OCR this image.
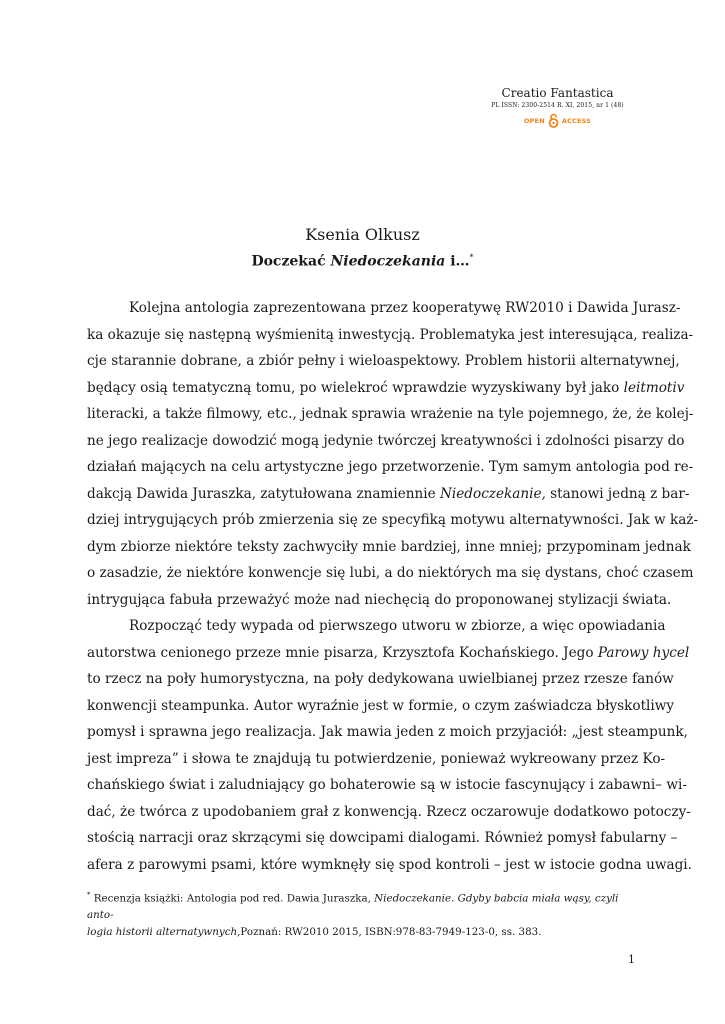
Creatio Fantastica
PL ISSN: 2300-2514 R. XI, 2015, nr 1 (48)
OPEN	ACCESS
Ksenia Olkusz
Doczekać Niedoczekania i…*
Kolejna antologia zaprezentowana przez kooperatywę RW2010 i Dawida Jurasz-
ka okazuje się następną wyśmienitą inwestycją. Problematyka jest interesująca, realiza-
cje starannie dobrane, a zbiór pełny i wieloaspektowy. Problem historii alternatywnej,
będący osią tematyczną tomu, po wielekroć wprawdzie wyzyskiwany był jako leitmotiv
literacki, a także filmowy, etc., jednak sprawia wrażenie na tyle pojemnego, że, że kolej-
ne jego realizacje dowodzić mogą jedynie twórczej kreatywności i zdolności pisarzy do
działań mających na celu artystyczne jego przetworzenie. Tym samym antologia pod re-
dakcją Dawida Juraszka, zatytułowana znamiennie Niedoczekanie, stanowi jedną z bar-
dziej intrygujących prób zmierzenia się ze specyfiką motywu alternatywności. Jak w każ-
dym zbiorze niektóre teksty zachwyciły mnie bardziej, inne mniej; przypominam jednak
o zasadzie, że niektóre konwencje się lubi, a do niektórych ma się dystans, choć czasem
intrygująca fabuła przeważyć może nad niechęcią do proponowanej stylizacji świata.
Rozpocząć tedy wypada od pierwszego utworu w zbiorze, a więc opowiadania
autorstwa cenionego przeze mnie pisarza, Krzysztofa Kochańskiego. Jego Parowy hycel
to rzecz na poły humorystyczna, na poły dedykowana uwielbianej przez rzesze fanów
konwencji steampunka. Autor wyraźnie jest w formie, o czym zaświadcza błyskotliwy
pomysł i sprawna jego realizacja. Jak mawia jeden z moich przyjaciół: „jest steampunk,
jest impreza” i słowa te znajdują tu potwierdzenie, ponieważ wykreowany przez Ko-
chańskiego świat i zaludniający go bohaterowie są w istocie fascynujący i zabawni– wi-
dać, że twórca z upodobaniem grał z konwencją. Rzecz oczarowuje dodatkowo potoczy-
stością narracji oraz skrzącymi się dowcipami dialogami. Również pomysł fabularny –
afera z parowymi psami, które wymknęły się spod kontroli – jest w istocie godna uwagi.
* Recenzja książki: Antologia pod red. Dawia Juraszka, Niedoczekanie. Gdyby babcia miała wąsy, czyli anto-
logia historii alternatywnych,Poznań: RW2010 2015, ISBN:978-83-7949-123-0, ss. 383.
1
